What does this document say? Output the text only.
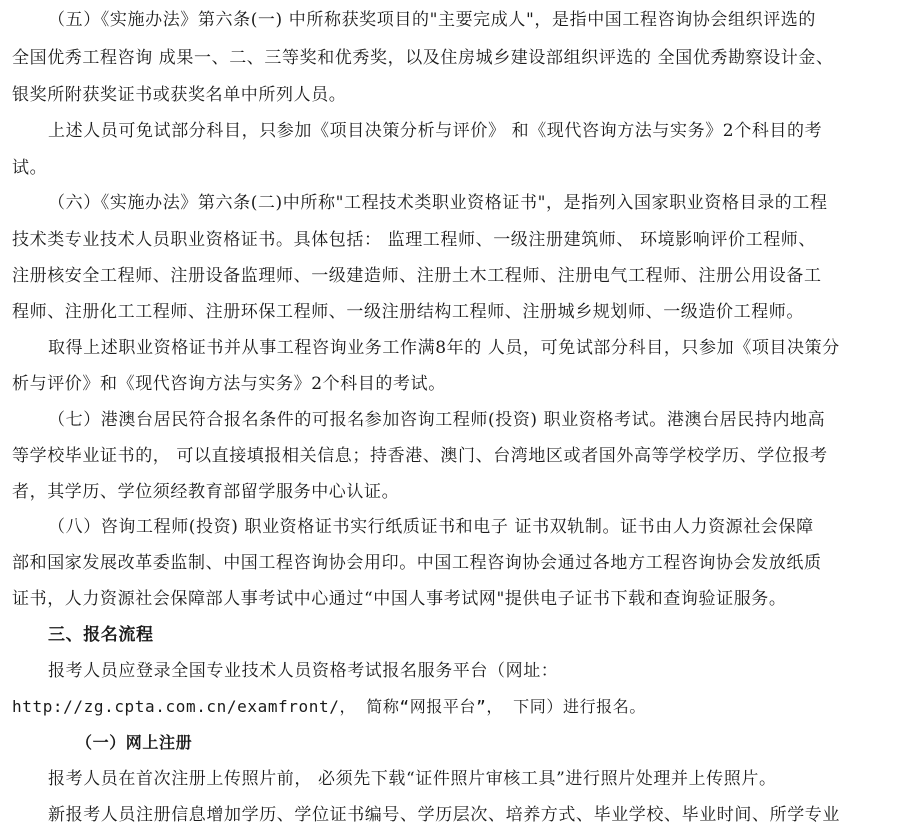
（五）《实施办法》第六条(一) 中所称获奖项目的"主要完成人"，是指中国工程咨询协会组织评选的
全国优秀工程咨询 成果一、二、三等奖和优秀奖，以及住房城乡建设部组织评选的 全国优秀勘察设计金、
银奖所附获奖证书或获奖名单中所列人员。
上述人员可免试部分科目，只参加《项目决策分析与评价》 和《现代咨询方法与实务》2个科目的考
试。
（六）《实施办法》第六条(二)中所称"工程技术类职业资格证书"，是指列入国家职业资格目录的工程
技术类专业技术人员职业资格证书。具体包括： 监理工程师、一级注册建筑师、 环境影响评价工程师、
注册核安全工程师、注册设备监理师、一级建造师、注册土木工程师、注册电气工程师、注册公用设备工
程师、注册化工工程师、注册环保工程师、一级注册结构工程师、注册城乡规划师、一级造价工程师。
取得上述职业资格证书并从事工程咨询业务工作满8年的 人员，可免试部分科目，只参加《项目决策分
析与评价》和《现代咨询方法与实务》2个科目的考试。
（七）港澳台居民符合报名条件的可报名参加咨询工程师(投资) 职业资格考试。港澳台居民持内地高
等学校毕业证书的， 可以直接填报相关信息；持香港、澳门、台湾地区或者国外高等学校学历、学位报考
者，其学历、学位须经教育部留学服务中心认证。
（八）咨询工程师(投资) 职业资格证书实行纸质证书和电子 证书双轨制。证书由人力资源社会保障
部和国家发展改革委监制、中国工程咨询协会用印。中国工程咨询协会通过各地方工程咨询协会发放纸质
证书，人力资源社会保障部人事考试中心通过“中国人事考试网"提供电子证书下载和查询验证服务。
三、报名流程
报考人员应登录全国专业技术人员资格考试报名服务平台（网址：
http://zg.cpta.com.cn/examfront/， 简称“网报平台”， 下同）进行报名。
（一）网上注册
报考人员在首次注册上传照片前， 必须先下载“证件照片审核工具”进行照片处理并上传照片。
新报考人员注册信息增加学历、学位证书编号、学历层次、培养方式、毕业学校、毕业时间、所学专业
